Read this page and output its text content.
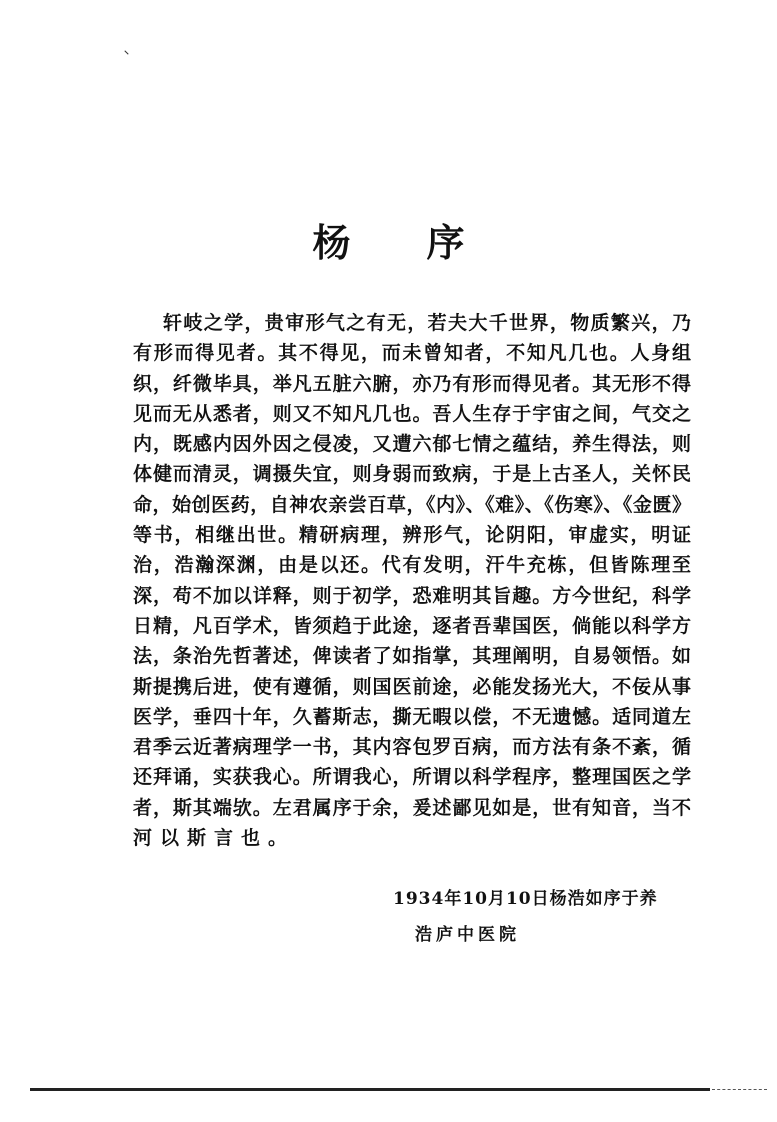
杨 序
轩岐之学，贵审形气之有无，若夫大千世界，物质繁兴，乃
有形而得见者。其不得见，而未曾知者，不知凡几也。人身组
织，纤微毕具，举凡五脏六腑，亦乃有形而得见者。其无形不得
见而无从悉者，则又不知凡几也。吾人生存于宇宙之间，气交之
内，既感内因外因之侵凌，又遭六郁七情之蕴结，养生得法，则
体健而清灵，调摄失宜，则身弱而致病，于是上古圣人，关怀民
命，始创医药，自神农亲尝百草，《内》、《难》、《伤寒》、《金匮》
等书，相继出世。精研病理，辨形气，论阴阳，审虚实，明证
治，浩瀚深渊，由是以还。代有发明，汗牛充栋，但皆陈理至
深，苟不加以详释，则于初学，恐难明其旨趣。方今世纪，科学
日精，凡百学术，皆须趋于此途，逐者吾辈国医，倘能以科学方
法，条治先哲著述，俾读者了如指掌，其理阐明，自易领悟。如
斯提携后进，使有遵循，则国医前途，必能发扬光大，不佞从事
医学，垂四十年，久蓄斯志，撕无暇以偿，不无遗憾。适同道左
君季云近著病理学一书，其内容包罗百病，而方法有条不紊，循
还拜诵，实获我心。所谓我心，所谓以科学程序，整理国医之学
者，斯其端欤。左君属序于余，爰述鄙见如是，世有知音，当不
河以斯言也。
1934年10月10日杨浩如序于养
浩庐中医院
